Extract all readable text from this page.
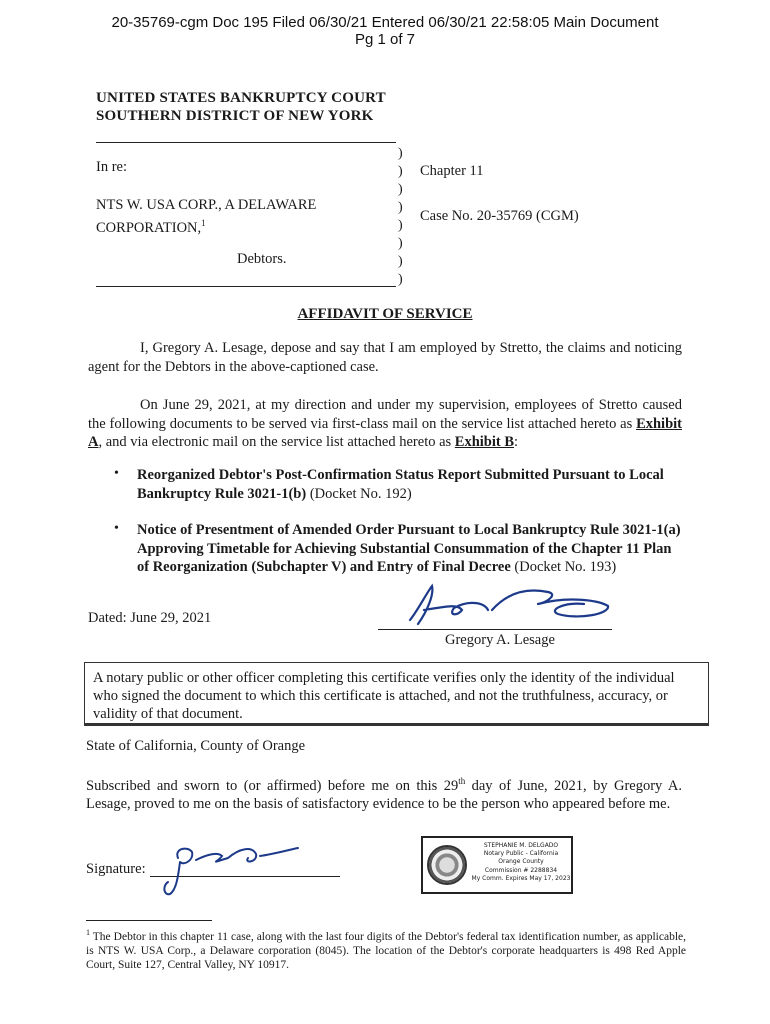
20-35769-cgm Doc 195 Filed 06/30/21 Entered 06/30/21 22:58:05 Main Document
Pg 1 of 7
UNITED STATES BANKRUPTCY COURT
SOUTHERN DISTRICT OF NEW YORK
In re:
NTS W. USA CORP., A DELAWARE
CORPORATION,$^1$
Debtors.
)
)
)
)
)
)
)
)
Chapter 11
Case No. 20-35769 (CGM)
AFFIDAVIT OF SERVICE
I, Gregory A. Lesage, depose and say that I am employed by Stretto, the claims and noticing agent for the Debtors in the above-captioned case.
On June 29, 2021, at my direction and under my supervision, employees of Stretto caused the following documents to be served via first-class mail on the service list attached hereto as Exhibit A, and via electronic mail on the service list attached hereto as Exhibit B:
• Reorganized Debtor's Post-Confirmation Status Report Submitted Pursuant to Local Bankruptcy Rule 3021-1(b) (Docket No. 192)
• Notice of Presentment of Amended Order Pursuant to Local Bankruptcy Rule 3021-1(a) Approving Timetable for Achieving Substantial Consummation of the Chapter 11 Plan of Reorganization (Subchapter V) and Entry of Final Decree (Docket No. 193)
Dated: June 29, 2021
Gregory A. Lesage
A notary public or other officer completing this certificate verifies only the identity of the individual who signed the document to which this certificate is attached, and not the truthfulness, accuracy, or validity of that document.
State of California, County of Orange
Subscribed and sworn to (or affirmed) before me on this 29th day of June, 2021, by Gregory A. Lesage, proved to me on the basis of satisfactory evidence to be the person who appeared before me.
Signature:
STEPHANIE M. DELGADO
Notary Public - California
Orange County
Commission # 2288834
My Comm. Expires May 17, 2023
$^1$ The Debtor in this chapter 11 case, along with the last four digits of the Debtor's federal tax identification number, as applicable, is NTS W. USA Corp., a Delaware corporation (8045). The location of the Debtor's corporate headquarters is 498 Red Apple Court, Suite 127, Central Valley, NY 10917.
